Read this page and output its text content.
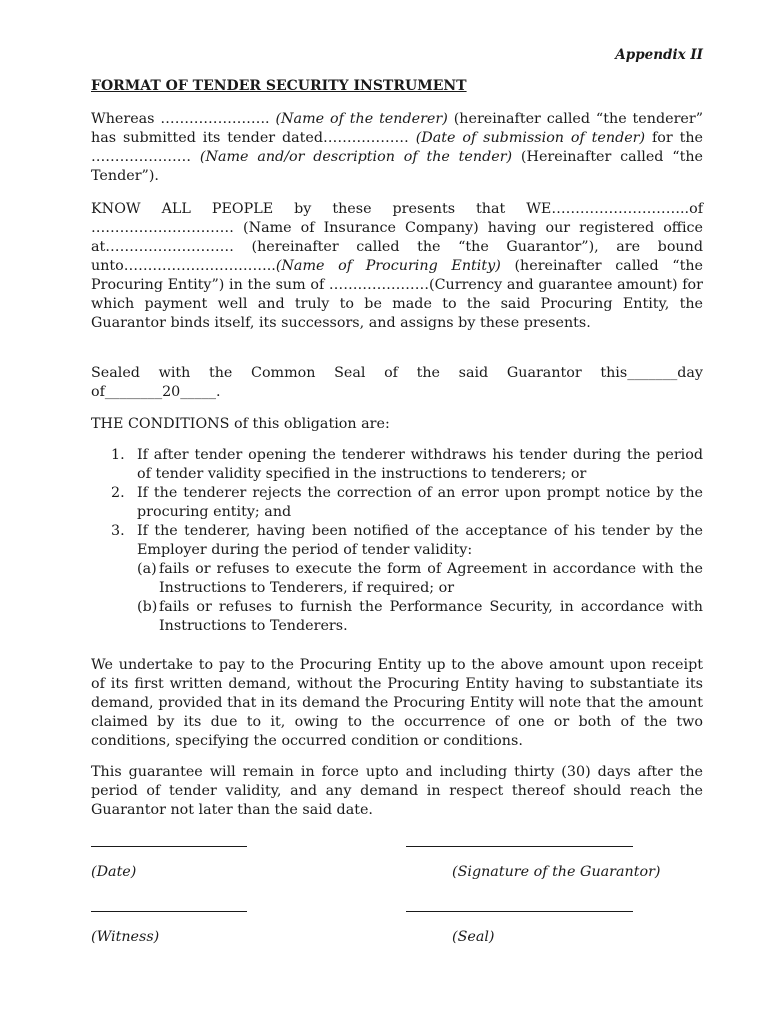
Appendix II
FORMAT OF TENDER SECURITY INSTRUMENT

Whereas ………………….. (Name of the tenderer) (hereinafter called “the tenderer” has submitted its tender dated……………… (Date of submission of tender) for the ………………… (Name and/or description of the tender) (Hereinafter called “the Tender”).

KNOW ALL PEOPLE by these presents that WE………………………..of ………………………… (Name of Insurance Company) having our registered office at……………………… (hereinafter called the “the Guarantor”), are bound unto…………………………..(Name of Procuring Entity) (hereinafter called “the Procuring Entity”) in the sum of …………………(Currency and guarantee amount) for which payment well and truly to be made to the said Procuring Entity, the Guarantor binds itself, its successors, and assigns by these presents.

Sealed with the Common Seal of the said Guarantor this_______day of________20_____.

THE CONDITIONS of this obligation are:

1. If after tender opening the tenderer withdraws his tender during the period of tender validity specified in the instructions to tenderers; or
2. If the tenderer rejects the correction of an error upon prompt notice by the procuring entity; and
3. If the tenderer, having been notified of the acceptance of his tender by the Employer during the period of tender validity:
(a) fails or refuses to execute the form of Agreement in accordance with the Instructions to Tenderers, if required; or
(b) fails or refuses to furnish the Performance Security, in accordance with Instructions to Tenderers.

We undertake to pay to the Procuring Entity up to the above amount upon receipt of its first written demand, without the Procuring Entity having to substantiate its demand, provided that in its demand the Procuring Entity will note that the amount claimed by its due to it, owing to the occurrence of one or both of the two conditions, specifying the occurred condition or conditions.

This guarantee will remain in force upto and including thirty (30) days after the period of tender validity, and any demand in respect thereof should reach the Guarantor not later than the said date.

(Date)	(Signature of the Guarantor)
(Witness)	(Seal)
